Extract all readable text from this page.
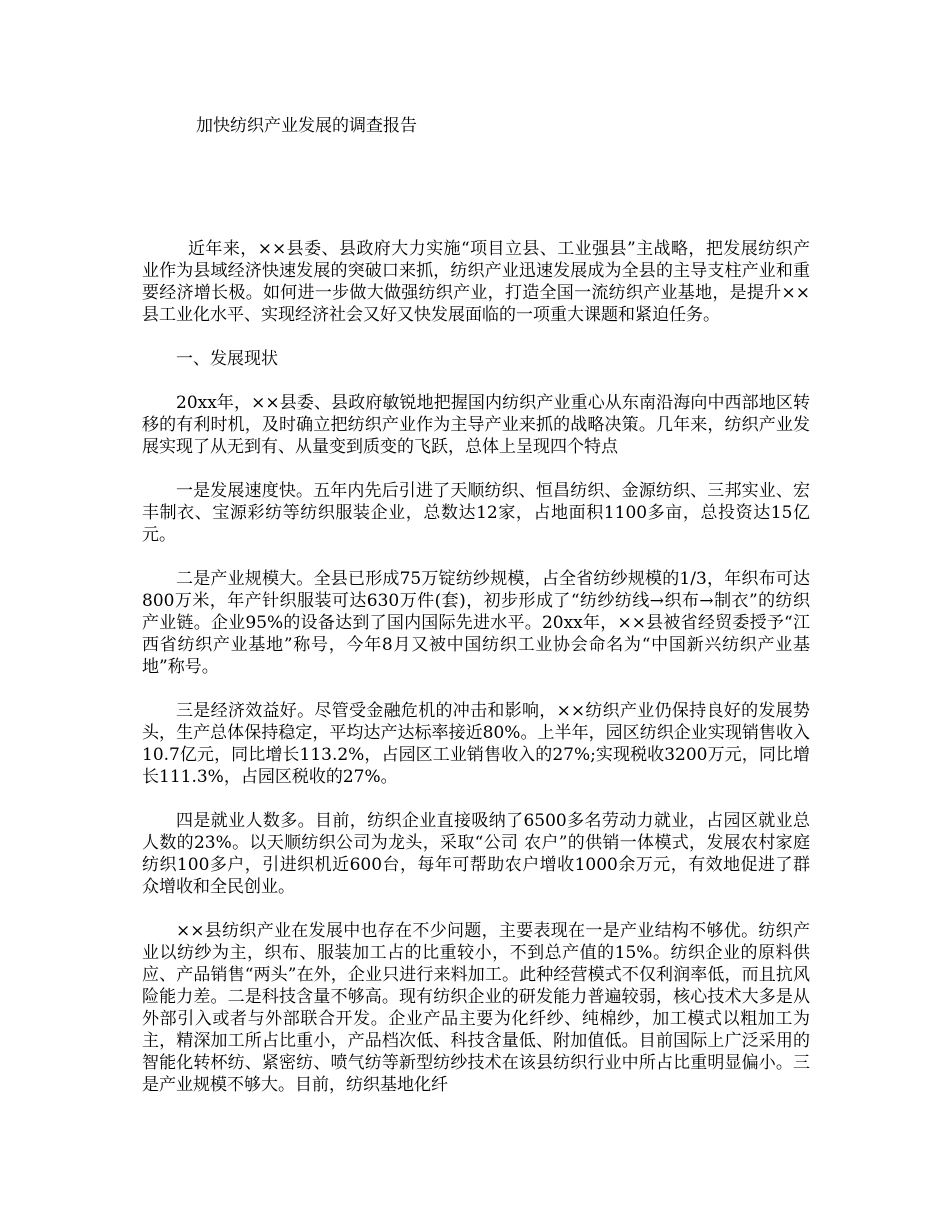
加快纺织产业发展的调查报告

近年来，××县委、县政府大力实施“项目立县、工业强县”主战略，把发展纺织产业作为县域经济快速发展的突破口来抓，纺织产业迅速发展成为全县的主导支柱产业和重要经济增长极。如何进一步做大做强纺织产业，打造全国一流纺织产业基地，是提升××县工业化水平、实现经济社会又好又快发展面临的一项重大课题和紧迫任务。

一、发展现状

20xx年，××县委、县政府敏锐地把握国内纺织产业重心从东南沿海向中西部地区转移的有利时机，及时确立把纺织产业作为主导产业来抓的战略决策。几年来，纺织产业发展实现了从无到有、从量变到质变的飞跃，总体上呈现四个特点

一是发展速度快。五年内先后引进了天顺纺织、恒昌纺织、金源纺织、三邦实业、宏丰制衣、宝源彩纺等纺织服装企业，总数达12家，占地面积1100多亩，总投资达15亿元。

二是产业规模大。全县已形成75万锭纺纱规模，占全省纺纱规模的1/3，年织布可达800万米，年产针织服装可达630万件(套)，初步形成了“纺纱纺线→织布→制衣”的纺织产业链。企业95%的设备达到了国内国际先进水平。20xx年，××县被省经贸委授予“江西省纺织产业基地”称号，今年8月又被中国纺织工业协会命名为“中国新兴纺织产业基地”称号。

三是经济效益好。尽管受金融危机的冲击和影响，××纺织产业仍保持良好的发展势头，生产总体保持稳定，平均达产达标率接近80%。上半年，园区纺织企业实现销售收入10.7亿元，同比增长113.2%，占园区工业销售收入的27%;实现税收3200万元，同比增长111.3%，占园区税收的27%。

四是就业人数多。目前，纺织企业直接吸纳了6500多名劳动力就业，占园区就业总人数的23%。以天顺纺织公司为龙头，采取“公司 农户”的供销一体模式，发展农村家庭纺织100多户，引进织机近600台，每年可帮助农户增收1000余万元，有效地促进了群众增收和全民创业。

××县纺织产业在发展中也存在不少问题，主要表现在一是产业结构不够优。纺织产业以纺纱为主，织布、服装加工占的比重较小，不到总产值的15%。纺织企业的原料供应、产品销售“两头”在外，企业只进行来料加工。此种经营模式不仅利润率低，而且抗风险能力差。二是科技含量不够高。现有纺织企业的研发能力普遍较弱，核心技术大多是从外部引入或者与外部联合开发。企业产品主要为化纤纱、纯棉纱，加工模式以粗加工为主，精深加工所占比重小，产品档次低、科技含量低、附加值低。目前国际上广泛采用的智能化转杯纺、紧密纺、喷气纺等新型纺纱技术在该县纺织行业中所占比重明显偏小。三是产业规模不够大。目前，纺织基地化纤
